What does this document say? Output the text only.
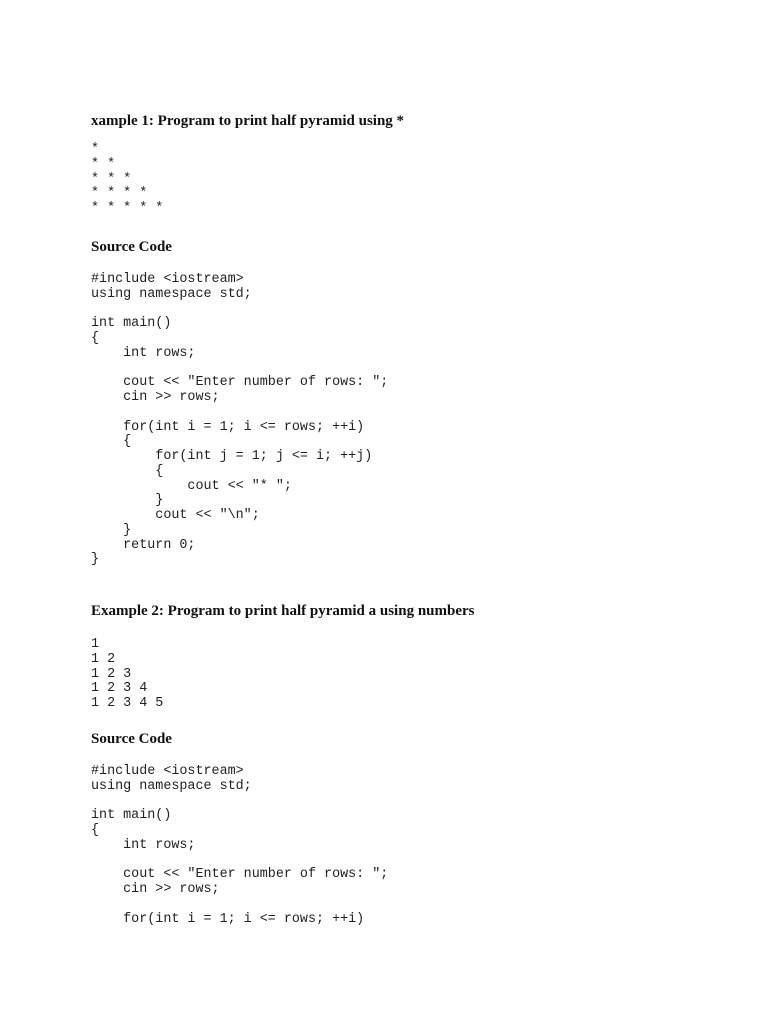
xample 1: Program to print half pyramid using *
*
* *
* * *
* * * *
* * * * *
Source Code
#include <iostream>
using namespace std;
int main()
{
int rows;
cout << "Enter number of rows: ";
cin >> rows;
for(int i = 1; i <= rows; ++i)
{
for(int j = 1; j <= i; ++j)
{
cout << "* ";
}
cout << "\n";
}
return 0;
}
Example 2: Program to print half pyramid a using numbers
1
1 2
1 2 3
1 2 3 4
1 2 3 4 5
Source Code
#include <iostream>
using namespace std;
int main()
{
int rows;
cout << "Enter number of rows: ";
cin >> rows;
for(int i = 1; i <= rows; ++i)
